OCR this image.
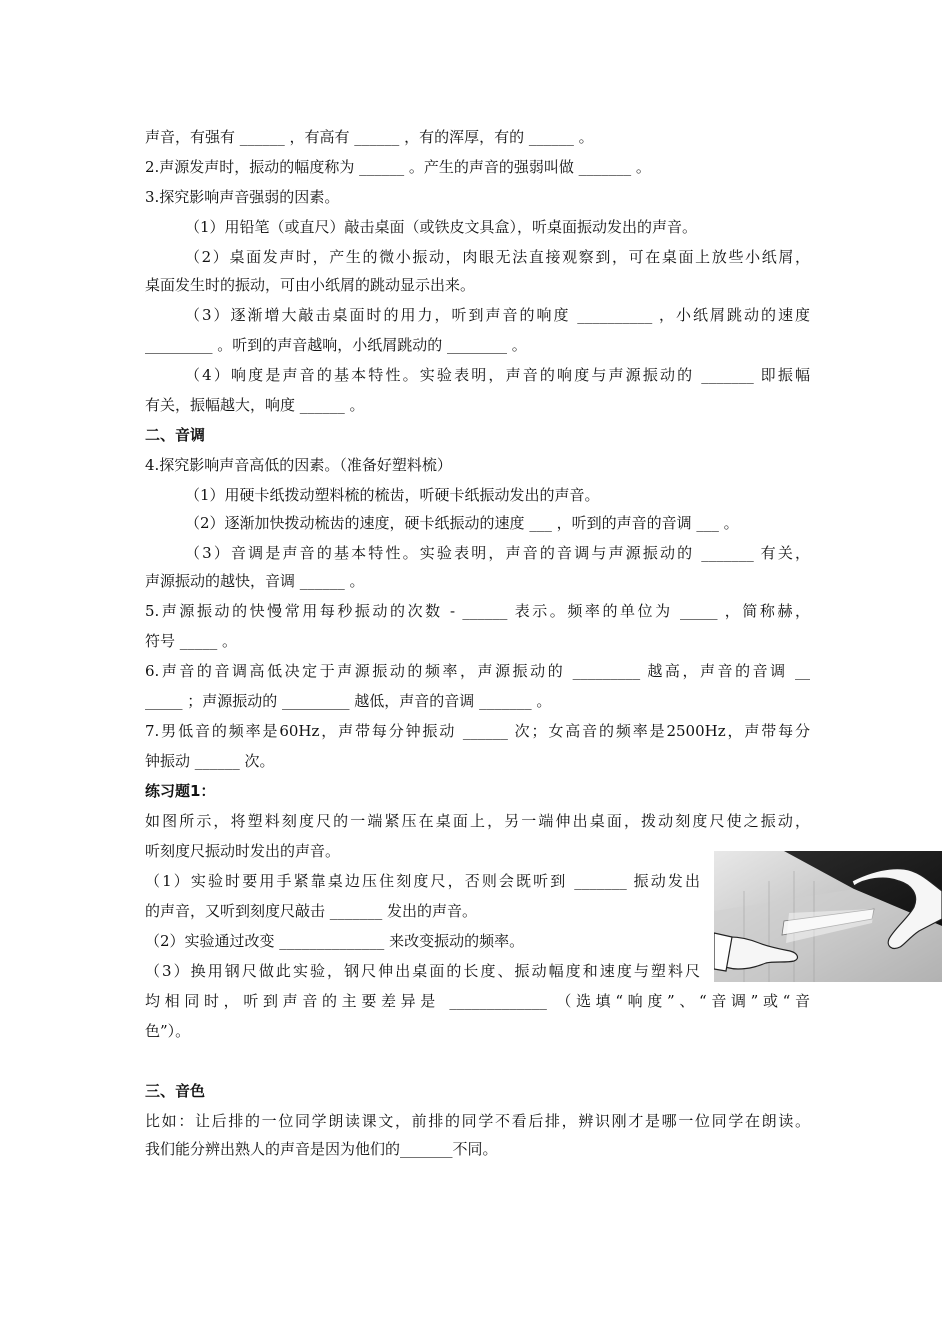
声音，有强有 ______ ，有高有 ______ ，有的浑厚，有的 ______ 。
2.声源发声时，振动的幅度称为 ______ 。产生的声音的强弱叫做 _______ 。
3.探究影响声音强弱的因素。
（1）用铅笔（或直尺）敲击桌面（或铁皮文具盒），听桌面振动发出的声音。
（2）桌面发声时，产生的微小振动，肉眼无法直接观察到，可在桌面上放些小纸屑，
桌面发生时的振动，可由小纸屑的跳动显示出来。
（3）逐渐增大敲击桌面时的用力，听到声音的响度 __________ ，小纸屑跳动的速度
_________ 。听到的声音越响，小纸屑跳动的 ________ 。
（4）响度是声音的基本特性。实验表明，声音的响度与声源振动的 _______ 即振幅
有关，振幅越大，响度 ______ 。
二、音调
4.探究影响声音高低的因素。（准备好塑料梳）
（1）用硬卡纸拨动塑料梳的梳齿，听硬卡纸振动发出的声音。
（2）逐渐加快拨动梳齿的速度，硬卡纸振动的速度 ___ ，听到的声音的音调 ___ 。
（3）音调是声音的基本特性。实验表明，声音的音调与声源振动的 _______ 有关，
声源振动的越快，音调 ______ 。
5.声源振动的快慢常用每秒振动的次数 - ______ 表示。频率的单位为 _____ ，简称赫，
符号 _____ 。
6.声音的音调高低决定于声源振动的频率，声源振动的 _________ 越高，声音的音调 __
_____ ；声源振动的 _________ 越低，声音的音调 _______ 。
7.男低音的频率是60Hz，声带每分钟振动 ______ 次；女高音的频率是2500Hz，声带每分
钟振动 ______ 次。
练习题1：
如图所示，将塑料刻度尺的一端紧压在桌面上，另一端伸出桌面，拨动刻度尺使之振动，
听刻度尺振动时发出的声音。
（1）实验时要用手紧靠桌边压住刻度尺，否则会既听到 _______ 振动发出
的声音，又听到刻度尺敲击 _______ 发出的声音。
（2）实验通过改变 ______________ 来改变振动的频率。
（3）换用钢尺做此实验，钢尺伸出桌面的长度、振动幅度和速度与塑料尺
均相同时，听到声音的主要差异是 _____________ （选填“响度”、“音调”或“音
色”）。
三、音色
比如：让后排的一位同学朗读课文，前排的同学不看后排，辨识刚才是哪一位同学在朗读。
我们能分辨出熟人的声音是因为他们的_______不同。
